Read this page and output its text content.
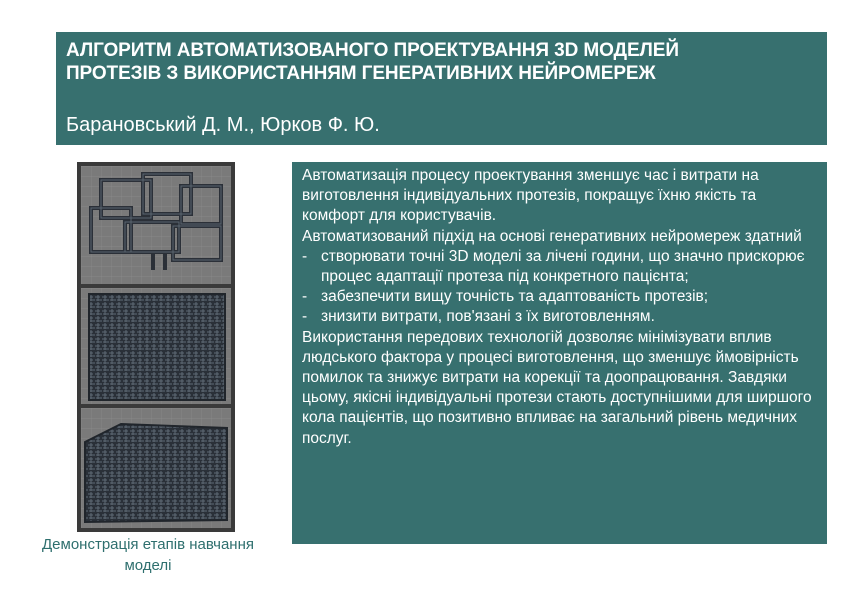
АЛГОРИТМ АВТОМАТИЗОВАНОГО ПРОЕКТУВАННЯ 3D МОДЕЛЕЙ
ПРОТЕЗІВ З ВИКОРИСТАННЯМ ГЕНЕРАТИВНИХ НЕЙРОМЕРЕЖ
Барановський Д. М., Юрков Ф. Ю.
Демонстрація етапів навчання
моделі

Автоматизація процесу проектування зменшує час і витрати на виготовлення індивідуальних протезів, покращує їхню якість та комфорт для користувачів.

Автоматизований підхід на основі генеративних нейромереж здатний

- створювати точні 3D моделі за лічені години, що значно прискорює процес адаптації протеза під конкретного пацієнта;
- забезпечити вищу точність та адаптованість протезів;
- знизити витрати, пов'язані з їх виготовленням.

Використання передових технологій дозволяє мінімізувати вплив людського фактора у процесі виготовлення, що зменшує ймовірність помилок та знижує витрати на корекції та доопрацювання. Завдяки цьому, якісні індивідуальні протези стають доступнішими для ширшого кола пацієнтів, що позитивно впливає на загальний рівень медичних послуг.
